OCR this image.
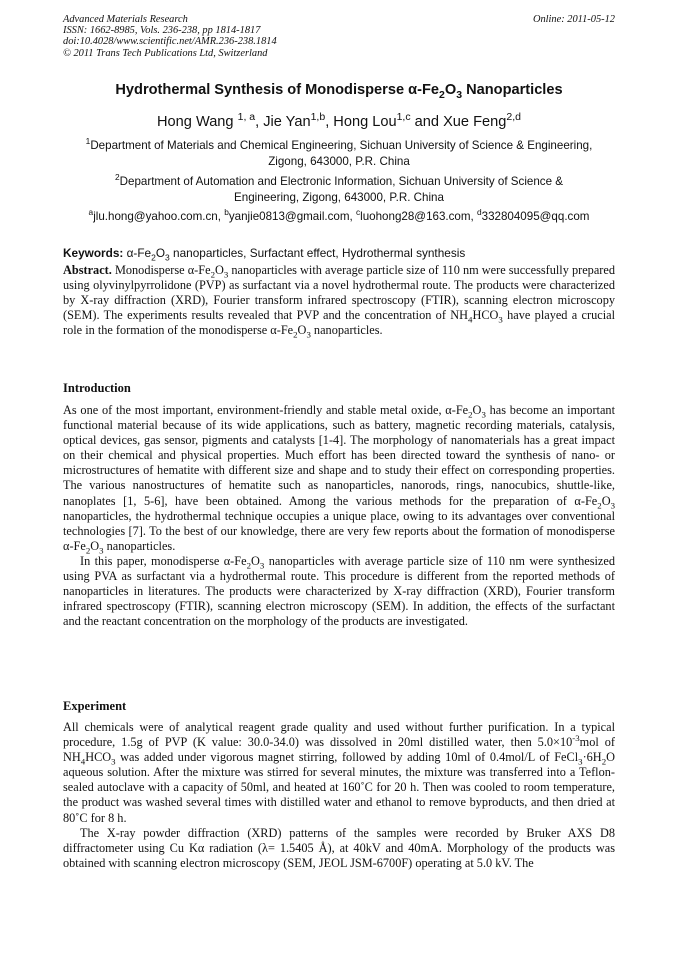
Advanced Materials Research
ISSN: 1662-8985, Vols. 236-238, pp 1814-1817
doi:10.4028/www.scientific.net/AMR.236-238.1814
© 2011 Trans Tech Publications Ltd, Switzerland
Online: 2011-05-12
Hydrothermal Synthesis of Monodisperse $\alpha-Fe_2O_3$ Nanoparticles
Hong Wang $^{1, a}$, Jie Yan$^{1,b}$, Hong Lou$^{1,c}$ and Xue Feng$^{2,d}$
$^1$Department of Materials and Chemical Engineering, Sichuan University of Science & Engineering,
Zigong, 643000, P.R. China
$^2$Department of Automation and Electronic Information, Sichuan University of Science &
Engineering, Zigong, 643000, P.R. China
$^a$jlu.hong@yahoo.com.cn, $^b$yanjie0813@gmail.com, $^c$luohong28@163.com, $^d$332804095@qq.com
Keywords: $\alpha-Fe_2O_3$ nanoparticles, Surfactant effect, Hydrothermal synthesis

Abstract. Monodisperse $\alpha-Fe_2O_3$ nanoparticles with average particle size of 110 nm were successfully prepared using olyvinylpyrrolidone (PVP) as surfactant via a novel hydrothermal route. The products were characterized by X-ray diffraction (XRD), Fourier transform infrared spectroscopy (FTIR), scanning electron microscopy (SEM). The experiments results revealed that PVP and the concentration of $NH_4HCO_3$ have played a crucial role in the formation of the monodisperse $\alpha-Fe_2O_3$ nanoparticles.

Introduction

As one of the most important, environment-friendly and stable metal oxide, $\alpha-Fe_2O_3$ has become an important functional material because of its wide applications, such as battery, magnetic recording materials, catalysis, optical devices, gas sensor, pigments and catalysts [1-4]. The morphology of nanomaterials has a great impact on their chemical and physical properties. Much effort has been directed toward the synthesis of nano- or microstructures of hematite with different size and shape and to study their effect on corresponding properties. The various nanostructures of hematite such as nanoparticles, nanorods, rings, nanocubics, shuttle-like, nanoplates [1, 5-6], have been obtained. Among the various methods for the preparation of $\alpha-Fe_2O_3$ nanoparticles, the hydrothermal technique occupies a unique place, owing to its advantages over conventional technologies [7]. To the best of our knowledge, there are very few reports about the formation of monodisperse $\alpha-Fe_2O_3$ nanoparticles.

In this paper, monodisperse $\alpha-Fe_2O_3$ nanoparticles with average particle size of 110 nm were synthesized using PVA as surfactant via a hydrothermal route. This procedure is different from the reported methods of nanoparticles in literatures. The products were characterized by X-ray diffraction (XRD), Fourier transform infrared spectroscopy (FTIR), scanning electron microscopy (SEM). In addition, the effects of the surfactant and the reactant concentration on the morphology of the products are investigated.

Experiment

All chemicals were of analytical reagent grade quality and used without further purification. In a typical procedure, 1.5g of PVP (K value: 30.0-34.0) was dissolved in 20ml distilled water, then $5.0\times 10^{-3}mol$ of $NH_4HCO_3$ was added under vigorous magnet stirring, followed by adding 10ml of 0.4mol/L of $FeCl_3\cdot 6H_2O$ aqueous solution. After the mixture was stirred for several minutes, the mixture was transferred into a Teflon-sealed autoclave with a capacity of 50ml, and heated at 160˚C for 20 h. Then was cooled to room temperature, the product was washed several times with distilled water and ethanol to remove byproducts, and then dried at 80˚C for 8 h.

The X-ray powder diffraction (XRD) patterns of the samples were recorded by Bruker AXS D8 diffractometer using Cu Kα radiation (λ= 1.5405 Å), at 40kV and 40mA. Morphology of the products was obtained with scanning electron microscopy (SEM, JEOL JSM-6700F) operating at 5.0 kV. The
